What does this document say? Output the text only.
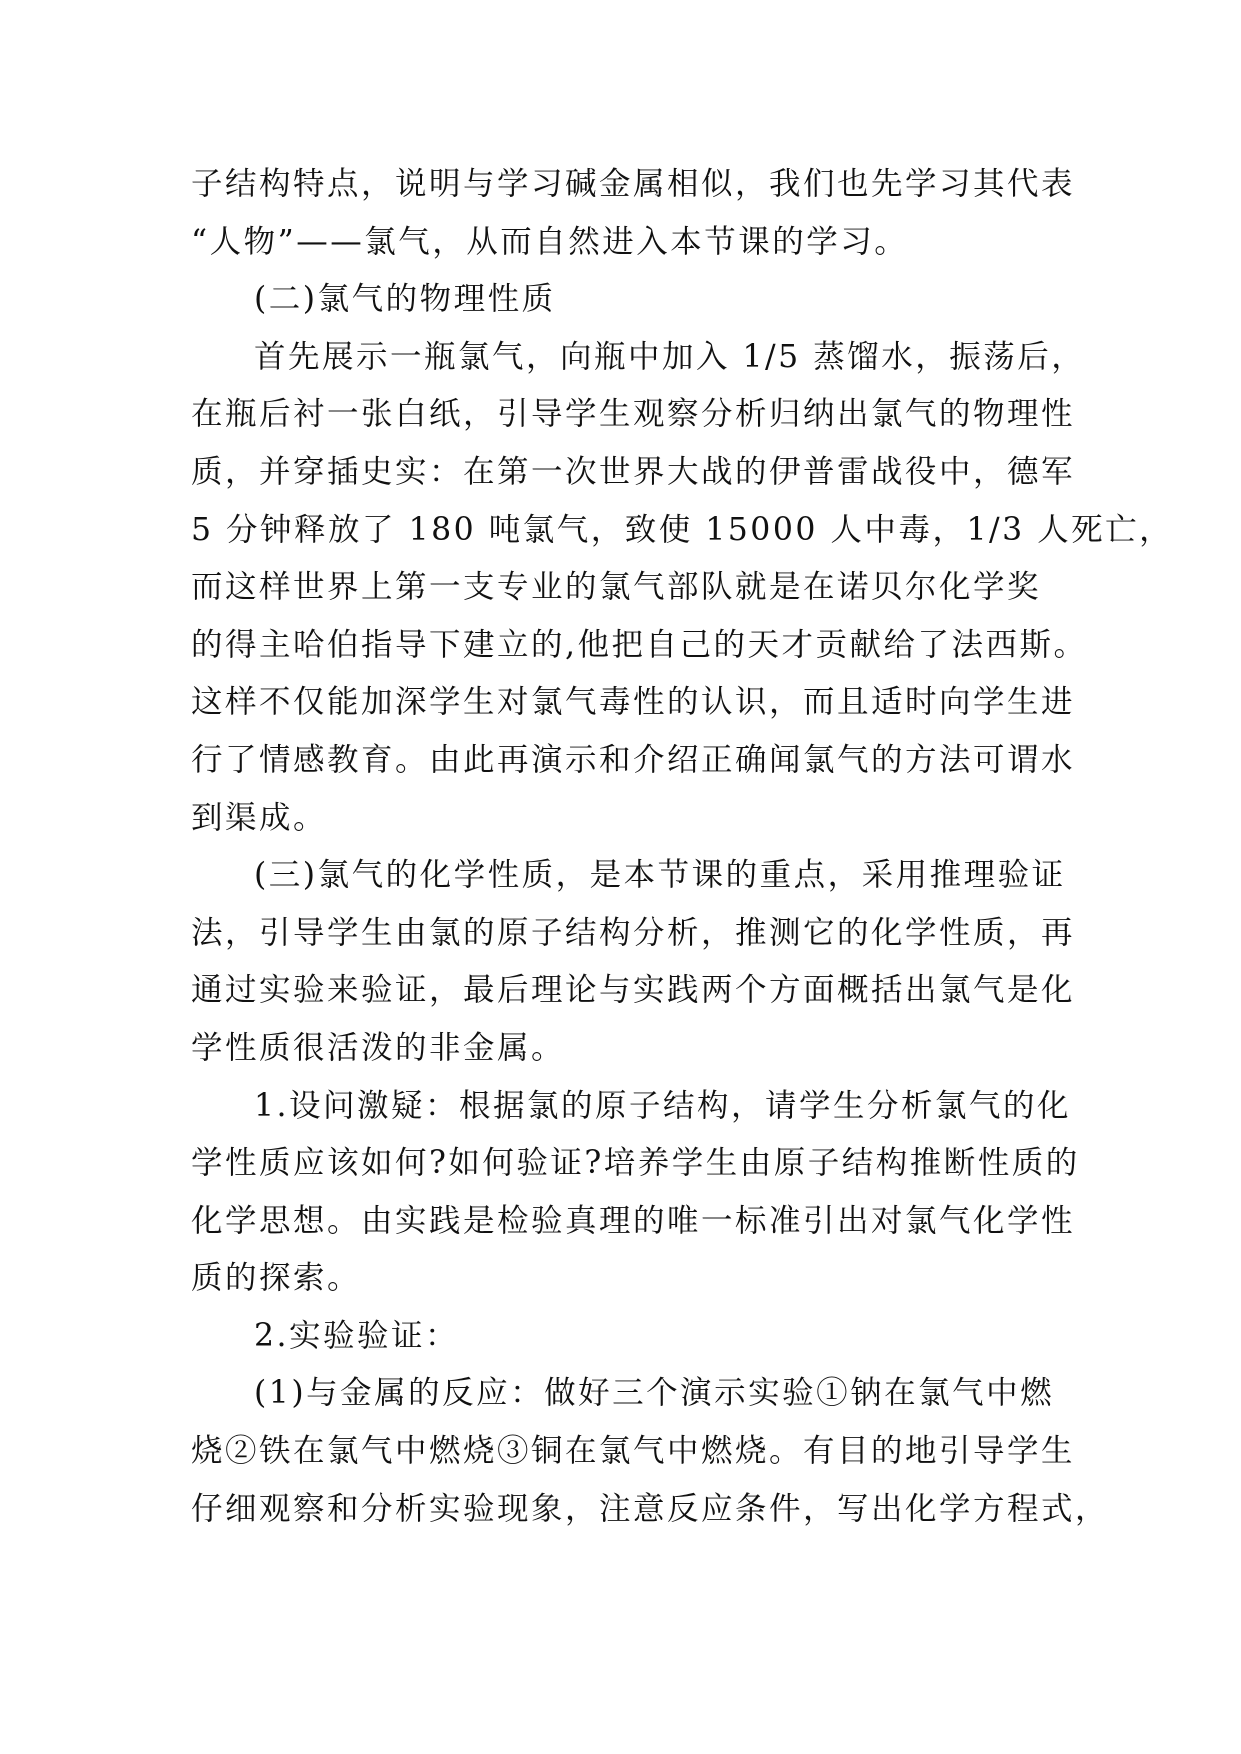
子结构特点，说明与学习碱金属相似，我们也先学习其代表
“人物”——氯气，从而自然进入本节课的学习。
(二)氯气的物理性质
首先展示一瓶氯气，向瓶中加入 1/5 蒸馏水，振荡后，
在瓶后衬一张白纸，引导学生观察分析归纳出氯气的物理性
质，并穿插史实：在第一次世界大战的伊普雷战役中，德军
5 分钟释放了 180 吨氯气，致使 15000 人中毒，1/3 人死亡，
而这样世界上第一支专业的氯气部队就是在诺贝尔化学奖
的得主哈伯指导下建立的,他把自己的天才贡献给了法西斯。
这样不仅能加深学生对氯气毒性的认识，而且适时向学生进
行了情感教育。由此再演示和介绍正确闻氯气的方法可谓水
到渠成。
(三)氯气的化学性质，是本节课的重点，采用推理验证
法，引导学生由氯的原子结构分析，推测它的化学性质，再
通过实验来验证，最后理论与实践两个方面概括出氯气是化
学性质很活泼的非金属。
1.设问激疑：根据氯的原子结构，请学生分析氯气的化
学性质应该如何?如何验证?培养学生由原子结构推断性质的
化学思想。由实践是检验真理的唯一标准引出对氯气化学性
质的探索。
2.实验验证：
(1)与金属的反应：做好三个演示实验①钠在氯气中燃
烧②铁在氯气中燃烧③铜在氯气中燃烧。有目的地引导学生
仔细观察和分析实验现象，注意反应条件，写出化学方程式，
